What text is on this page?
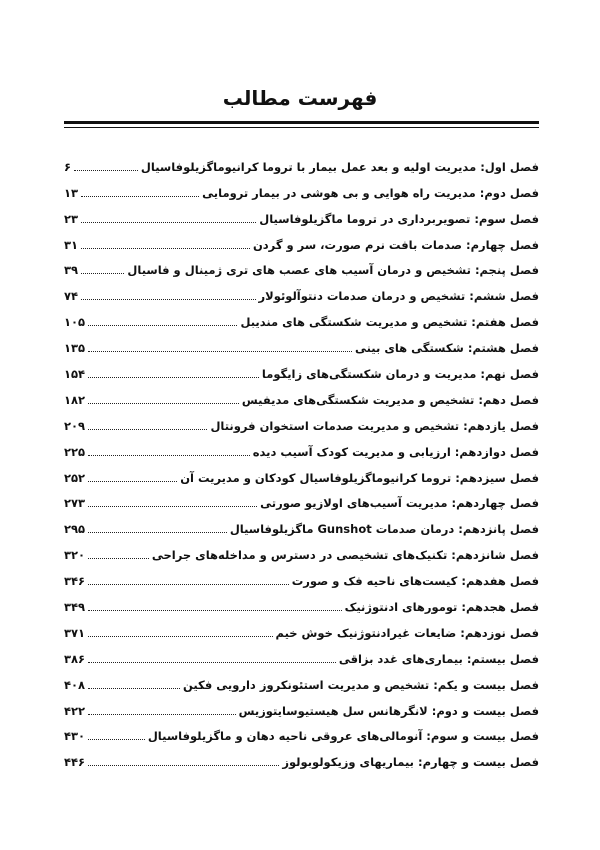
فهرست مطالب
فصل اول: مدیریت اولیه و بعد عمل بیمار با تروما کرانیوماگزیلوفاسیال
۶
فصل دوم: مدیریت راه هوایی و بی هوشی در بیمار ترومایی
۱۳
فصل سوم: تصویربرداری در تروما ماگزیلوفاسیال
۲۳
فصل چهارم: صدمات بافت نرم صورت، سر و گردن
۳۱
فصل پنجم: تشخیص و درمان آسیب های عصب های تری ژمینال و فاسیال
۳۹
فصل ششم: تشخیص و درمان صدمات دنتوآلوئولار
۷۴
فصل هفتم: تشخیص و مدیریت شکستگی های مندیبل
۱۰۵
فصل هشتم: شکستگی های بینی
۱۳۵
فصل نهم: مدیریت و درمان شکستگی‌های زایگوما
۱۵۴
فصل دهم: تشخیص و مدیریت شکستگی‌های مدیفیس
۱۸۲
فصل یازدهم: تشخیص و مدیریت صدمات استخوان فرونتال
۲۰۹
فصل دوازدهم: ارزیابی و مدیریت کودک آسیب دیده
۲۲۵
فصل سیزدهم: تروما کرانیوماگزیلوفاسیال کودکان و مدیریت آن
۲۵۲
فصل چهاردهم: مدیریت آسیب‌های اولازیو صورتی
۲۷۳
فصل پانزدهم: درمان صدمات Gunshot ماگزیلوفاسیال
۲۹۵
فصل شانزدهم: تکنیک‌های تشخیصی در دسترس و مداخله‌های جراحی
۳۲۰
فصل هفدهم: کیست‌های ناحیه فک و صورت
۳۴۶
فصل هجدهم: تومورهای ادنتوژنیک
۳۴۹
فصل نوزدهم: ضایعات غیرادنتوژنیک خوش خیم
۳۷۱
فصل بیستم: بیماری‌های غدد بزاقی
۳۸۶
فصل بیست و یکم: تشخیص و مدیریت استئونکروز دارویی فکین
۴۰۸
فصل بیست و دوم: لانگرهانس سل هیستیوسایتوزیس
۴۲۲
فصل بیست و سوم: آنومالی‌های عروقی ناحیه دهان و ماگزیلوفاسیال
۴۳۰
فصل بیست و چهارم: بیماریهای وزیکولوبولوز
۴۴۶
